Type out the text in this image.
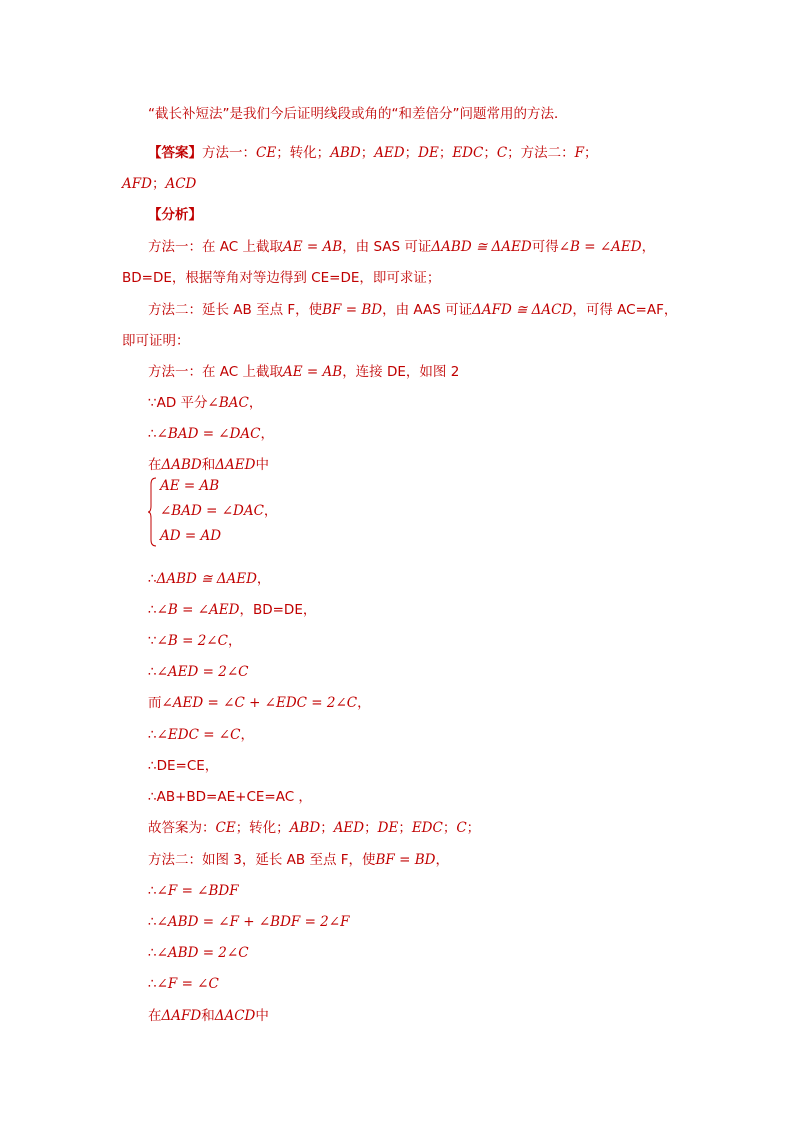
“截长补短法”是我们今后证明线段或角的“和差倍分”问题常用的方法．
【答案】方法一：CE；转化；ABD；AED；DE；EDC；C；方法二：F；
AFD；ACD
【分析】
方法一：在 AC 上截取AE = AB，由 SAS 可证ΔABD ≅ ΔAED可得∠B = ∠AED，
BD=DE，根据等角对等边得到 CE=DE，即可求证；
方法二：延长 AB 至点 F，使BF = BD，由 AAS 可证ΔAFD ≅ ΔACD，可得 AC=AF，
即可证明：
方法一：在 AC 上截取AE = AB，连接 DE，如图 2
∵AD 平分∠BAC，
∴∠BAD = ∠DAC，
在ΔABD和ΔAED中
∴ΔABD ≅ ΔAED，
∴∠B = ∠AED，BD=DE，
∵∠B = 2∠C，
∴∠AED = 2∠C
而∠AED = ∠C + ∠EDC = 2∠C，
∴∠EDC = ∠C，
∴DE=CE，
∴AB+BD=AE+CE=AC ，
故答案为：CE；转化；ABD；AED；DE；EDC；C；
方法二：如图 3，延长 AB 至点 F，使BF = BD，
∴∠F = ∠BDF
∴∠ABD = ∠F + ∠BDF = 2∠F
∴∠ABD = 2∠C
∴∠F = ∠C
在ΔAFD和ΔACD中
AE = AB
∠BAD = ∠DAC，
AD = AD
